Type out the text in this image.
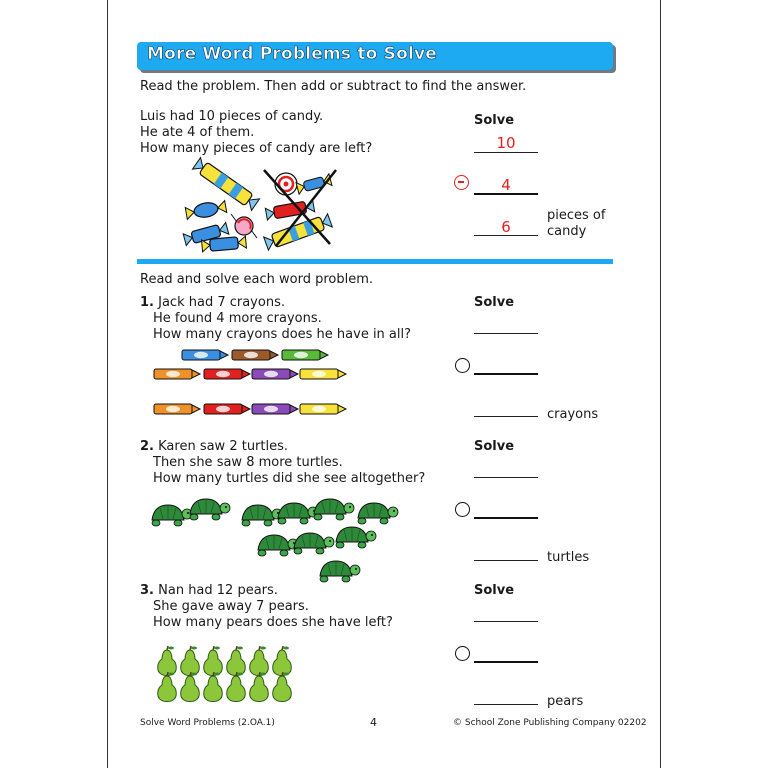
More Word Problems to Solve
Read the problem. Then add or subtract to find the answer.
Luis had 10 pieces of candy.
He ate 4 of them.
How many pieces of candy are left?
Solve
10
4
6
pieces of
candy
Read and solve each word problem.
1. Jack had 7 crayons.
He found 4 more crayons.
How many crayons does he have in all?
Solve
crayons
2. Karen saw 2 turtles.
Then she saw 8 more turtles.
How many turtles did she see altogether?
Solve
turtles
3. Nan had 12 pears.
She gave away 7 pears.
How many pears does she have left?
Solve
pears
Solve Word Problems (2.OA.1)	4	© School Zone Publishing Company 02202
